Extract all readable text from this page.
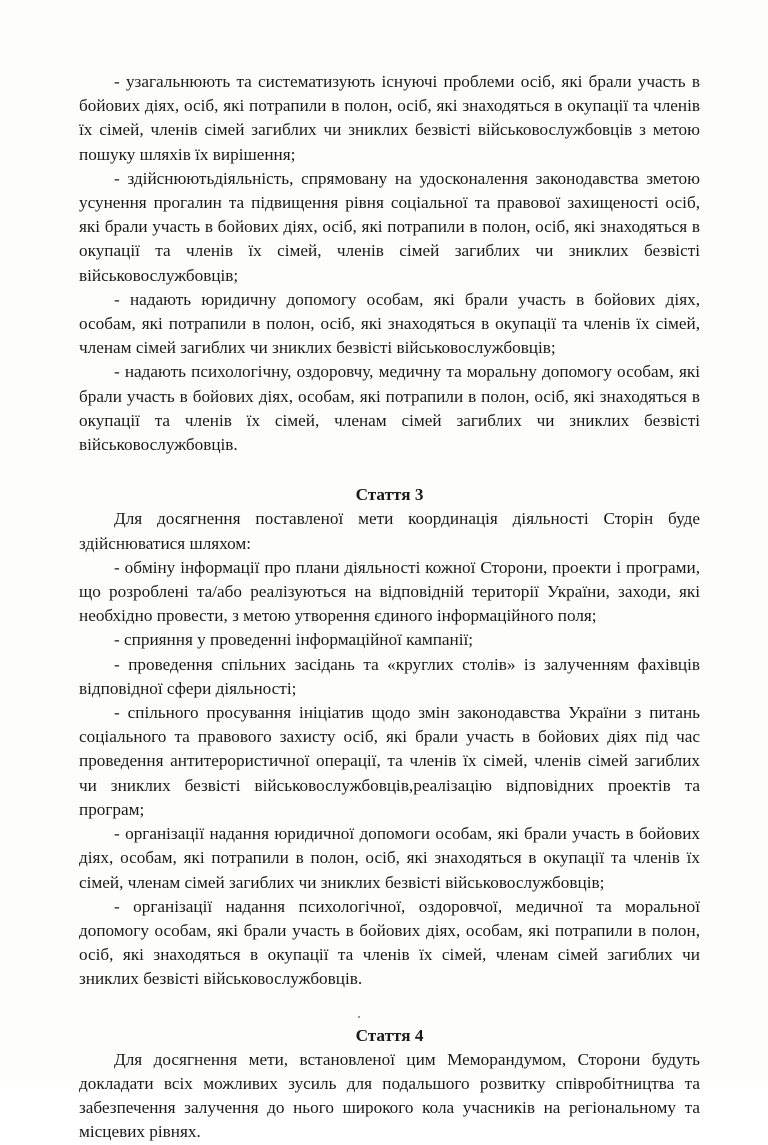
- узагальнюють та систематизують існуючі проблеми осіб, які брали участь в бойових діях, осіб, які потрапили в полон, осіб, які знаходяться в окупації та членів їх сімей, членів сімей загиблих чи зниклих безвісті військовослужбовців з метою пошуку шляхів їх вирішення;

- здійснюютьдіяльність, спрямовану на удосконалення законодавства зметою усунення прогалин та підвищення рівня соціальної та правової захищеності осіб, які брали участь в бойових діях, осіб, які потрапили в полон, осіб, які знаходяться в окупації та членів їх сімей, членів сімей загиблих чи зниклих безвісті військовослужбовців;

- надають юридичну допомогу особам, які брали участь в бойових діях, особам, які потрапили в полон, осіб, які знаходяться в окупації та членів їх сімей, членам сімей загиблих чи зниклих безвісті військовослужбовців;

- надають психологічну, оздоровчу, медичну та моральну допомогу особам, які брали участь в бойових діях, особам, які потрапили в полон, осіб, які знаходяться в окупації та членів їх сімей, членам сімей загиблих чи зниклих безвісті військовослужбовців.

Стаття 3

Для досягнення поставленої мети координація діяльності Сторін буде здійснюватися шляхом:

- обміну інформації про плани діяльності кожної Сторони, проекти і програми, що розроблені та/або реалізуються на відповідній території України, заходи, які необхідно провести, з метою утворення єдиного інформаційного поля;

- сприяння у проведенні інформаційної кампанії;

- проведення спільних засідань та «круглих столів» із залученням фахівців відповідної сфери діяльності;

- спільного просування ініціатив щодо змін законодавства України з питань соціального та правового захисту осіб, які брали участь в бойових діях під час проведення антитерористичної операції, та членів їх сімей, членів сімей загиблих чи зниклих безвісті військовослужбовців,реалізацію відповідних проектів та програм;

- організації надання юридичної допомоги особам, які брали участь в бойових діях, особам, які потрапили в полон, осіб, які знаходяться в окупації та членів їх сімей, членам сімей загиблих чи зниклих безвісті військовослужбовців;

- організації надання психологічної, оздоровчої, медичної та моральної допомогу особам, які брали участь в бойових діях, особам, які потрапили в полон, осіб, які знаходяться в окупації та членів їх сімей, членам сімей загиблих чи зниклих безвісті військовослужбовців.

Стаття 4

Для досягнення мети, встановленої цим Меморандумом, Сторони будуть докладати всіх можливих зусиль для подальшого розвитку співробітництва та забезпечення залучення до нього широкого кола учасників на регіональному та місцевих рівнях.
